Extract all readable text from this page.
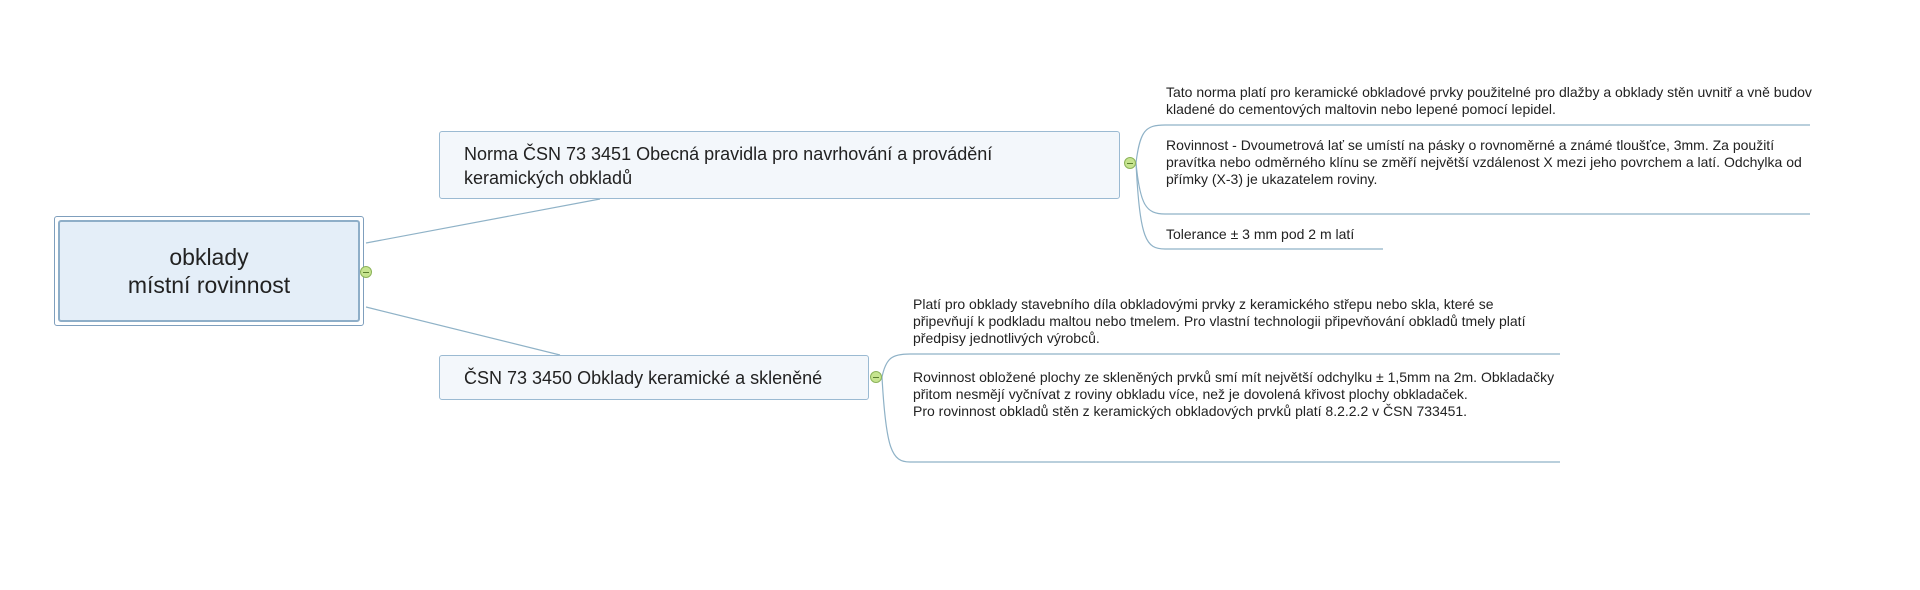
obklady
místní rovinnost
Norma ČSN 73 3451 Obecná pravidla pro navrhování a provádění keramických obkladů
Tato norma platí pro keramické obkladové prvky použitelné pro dlažby a obklady stěn uvnitř a vně budov kladené do cementových maltovin nebo lepené pomocí lepidel.
Rovinnost - Dvoumetrová lať se umístí na pásky o rovnoměrné a známé tloušťce, 3mm. Za použití pravítka nebo odměrného klínu se změří největší vzdálenost X mezi jeho povrchem a latí. Odchylka od přímky (X-3) je ukazatelem roviny.
Tolerance ± 3 mm pod 2 m latí
ČSN 73 3450 Obklady keramické a skleněné
Platí pro obklady stavebního díla obkladovými prvky z keramického střepu nebo skla, které se připevňují k podkladu maltou nebo tmelem. Pro vlastní technologii připevňování obkladů tmely platí předpisy jednotlivých výrobců.
Rovinnost obložené plochy ze skleněných prvků smí mít největší odchylku ± 1,5mm na 2m. Obkladačky přitom nesmějí vyčnívat z roviny obkladu více, než je dovolená křivost plochy obkladaček.
Pro rovinnost obkladů stěn z keramických obkladových prvků platí 8.2.2.2 v ČSN 733451.
